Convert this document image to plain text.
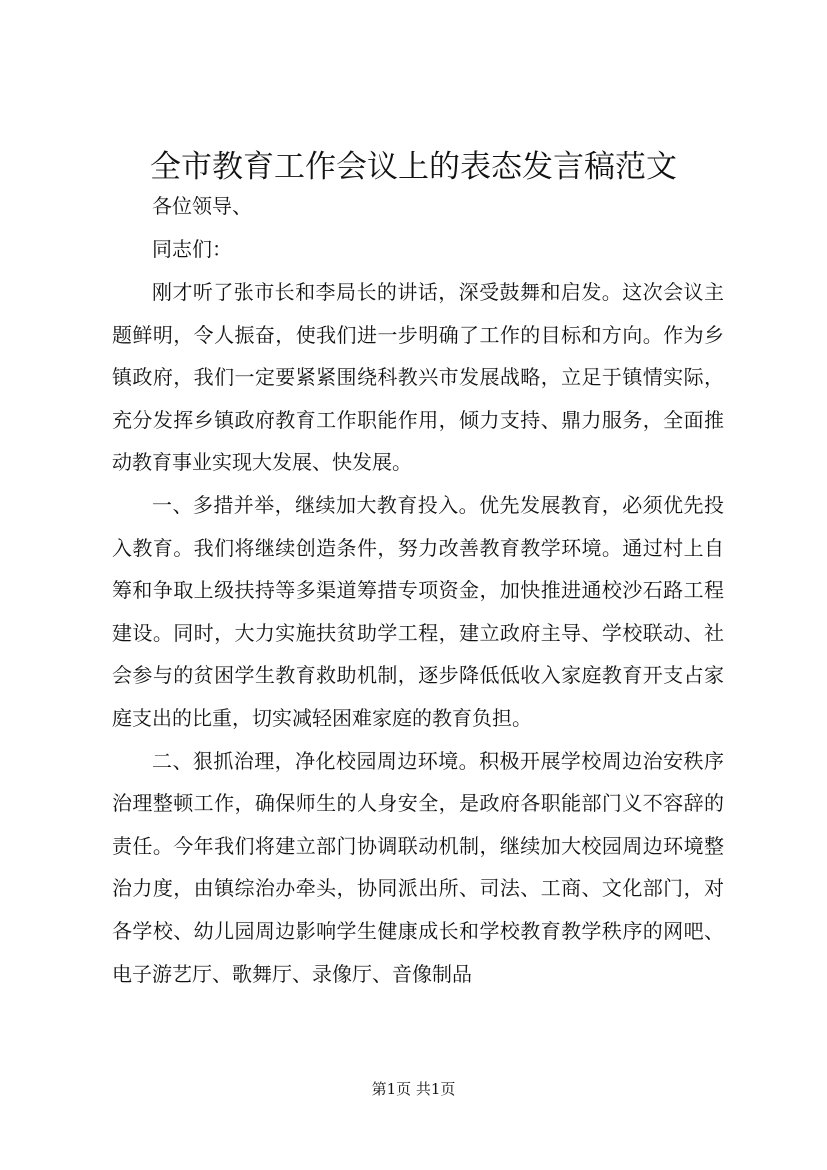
全市教育工作会议上的表态发言稿范文

各位领导、

同志们：

刚才听了张市长和李局长的讲话，深受鼓舞和启发。这次会议主题鲜明，令人振奋，使我们进一步明确了工作的目标和方向。作为乡镇政府，我们一定要紧紧围绕科教兴市发展战略，立足于镇情实际，充分发挥乡镇政府教育工作职能作用，倾力支持、鼎力服务，全面推动教育事业实现大发展、快发展。

一、多措并举，继续加大教育投入。优先发展教育，必须优先投入教育。我们将继续创造条件，努力改善教育教学环境。通过村上自筹和争取上级扶持等多渠道筹措专项资金，加快推进通校沙石路工程建设。同时，大力实施扶贫助学工程，建立政府主导、学校联动、社会参与的贫困学生教育救助机制，逐步降低低收入家庭教育开支占家庭支出的比重，切实减轻困难家庭的教育负担。

二、狠抓治理，净化校园周边环境。积极开展学校周边治安秩序治理整顿工作，确保师生的人身安全，是政府各职能部门义不容辞的责任。今年我们将建立部门协调联动机制，继续加大校园周边环境整治力度，由镇综治办牵头，协同派出所、司法、工商、文化部门，对各学校、幼儿园周边影响学生健康成长和学校教育教学秩序的网吧、电子游艺厅、歌舞厅、录像厅、音像制品

第1页 共1页
